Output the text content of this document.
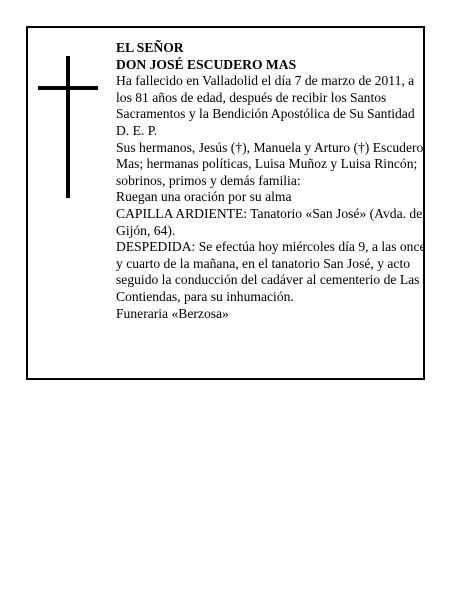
EL SEÑOR

DON JOSÉ ESCUDERO MAS

Ha fallecido en Valladolid el día 7 de marzo de 2011, a los 81 años de edad, después de recibir los Santos Sacramentos y la Bendición Apostólica de Su Santidad

D. E. P.

Sus hermanos, Jesús (†), Manuela y Arturo (†) Escudero Mas; hermanas políticas, Luisa Muñoz y Luisa Rincón; sobrinos, primos y demás familia:

Ruegan una oración por su alma

CAPILLA ARDIENTE: Tanatorio «San José» (Avda. de Gijón, 64).

DESPEDIDA: Se efectúa hoy miércoles día 9, a las once y cuarto de la mañana, en el tanatorio San José, y acto seguido la conducción del cadáver al cementerio de Las Contiendas, para su inhumación.

Funeraria «Berzosa»
